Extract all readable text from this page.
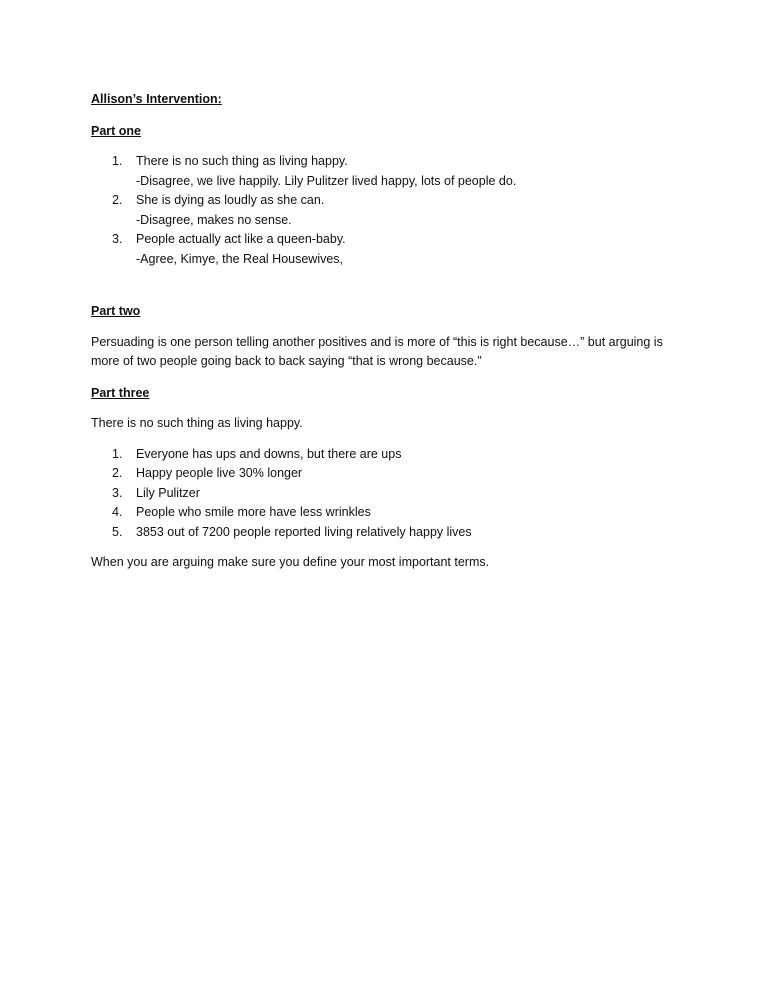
Allison’s Intervention:

Part one

1.	There is no such thing as living happy.
-Disagree, we live happily. Lily Pulitzer lived happy, lots of people do.
2.	She is dying as loudly as she can.
-Disagree, makes no sense.
3.	People actually act like a queen-baby.
-Agree, Kimye, the Real Housewives,

Part two

Persuading is one person telling another positives and is more of “this is right because…” but arguing is more of two people going back to back saying “that is wrong because.”

Part three

There is no such thing as living happy.

1.	Everyone has ups and downs, but there are ups
2.	Happy people live 30% longer
3.	Lily Pulitzer
4.	People who smile more have less wrinkles
5.	3853 out of 7200 people reported living relatively happy lives

When you are arguing make sure you define your most important terms.
